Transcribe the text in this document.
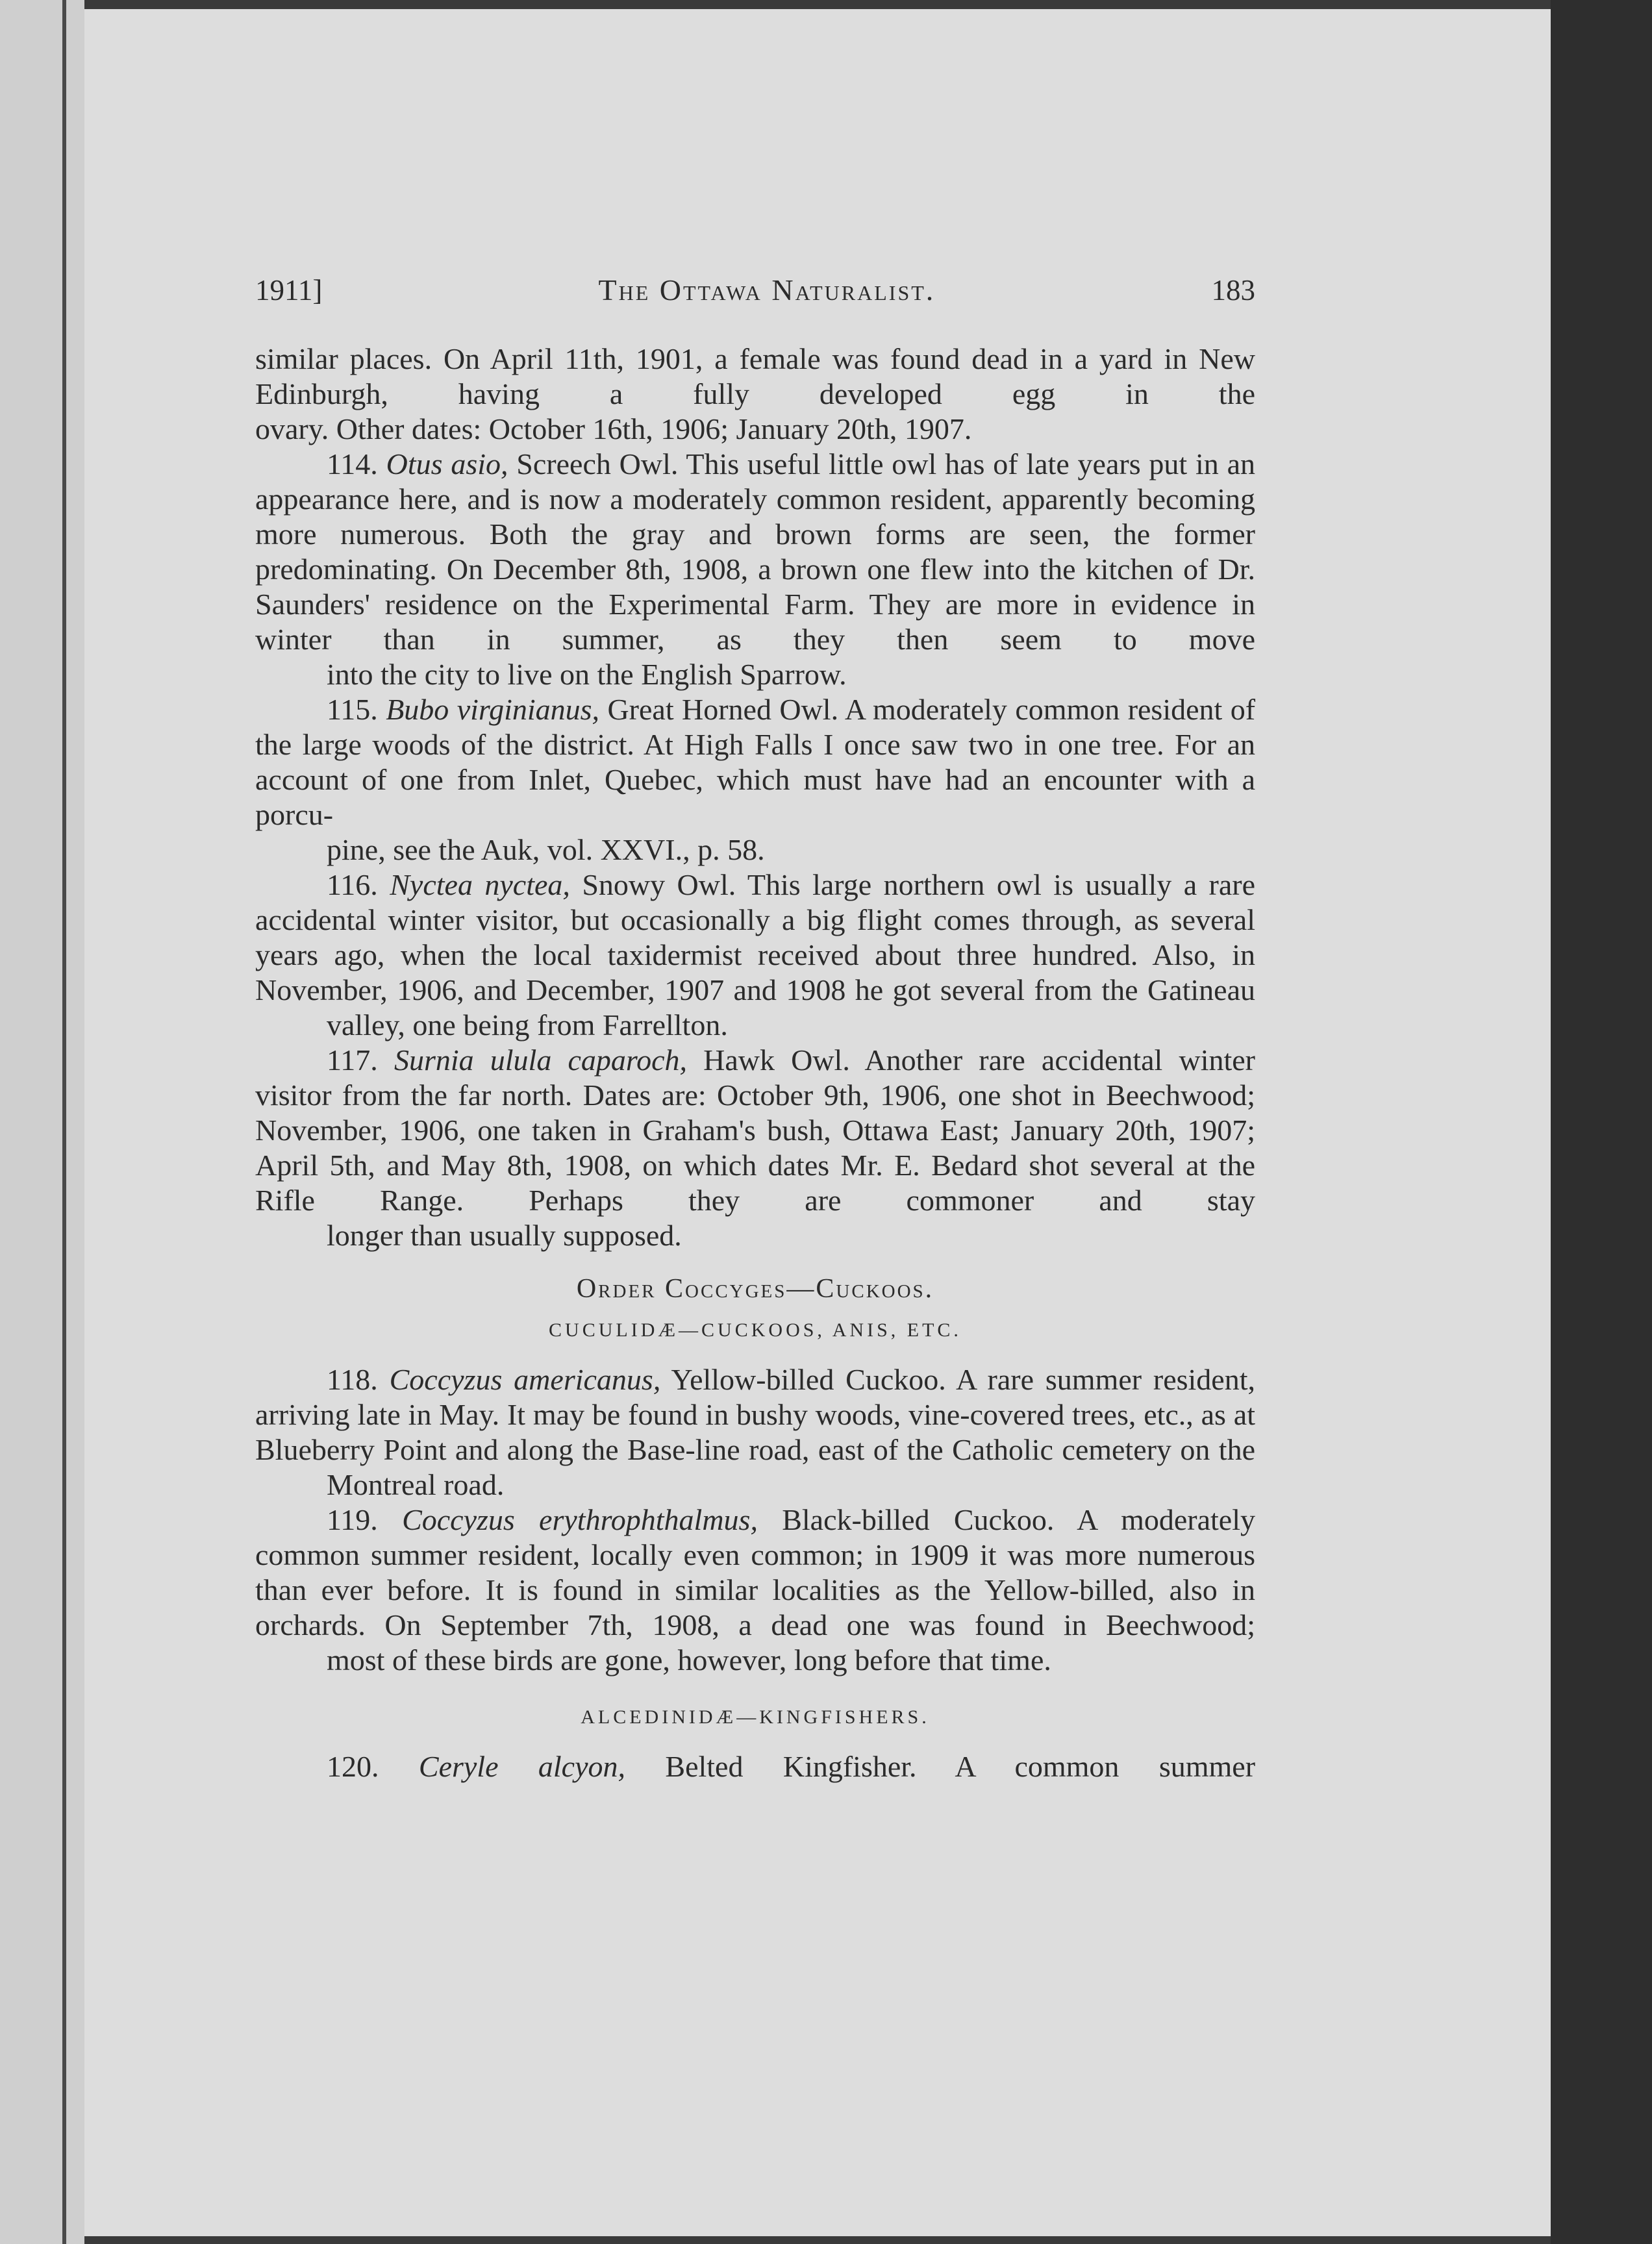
1911]	The Ottawa Naturalist.	183

similar places. On April 11th, 1901, a female was found dead in a yard in New Edinburgh, having a fully developed egg in the
ovary. Other dates: October 16th, 1906; January 20th, 1907.

114. Otus asio, Screech Owl. This useful little owl has of late years put in an appearance here, and is now a moderately common resident, apparently becoming more numerous. Both the gray and brown forms are seen, the former predominating. On December 8th, 1908, a brown one flew into the kitchen of Dr. Saunders' residence on the Experimental Farm. They are more in evidence in winter than in summer, as they then seem to move
into the city to live on the English Sparrow.

115. Bubo virginianus, Great Horned Owl. A moderately common resident of the large woods of the district. At High Falls I once saw two in one tree. For an account of one from Inlet, Quebec, which must have had an encounter with a porcu-
pine, see the Auk, vol. XXVI., p. 58.

116. Nyctea nyctea, Snowy Owl. This large northern owl is usually a rare accidental winter visitor, but occasionally a big flight comes through, as several years ago, when the local taxidermist received about three hundred. Also, in November, 1906, and December, 1907 and 1908 he got several from the Gatineau
valley, one being from Farrellton.

117. Surnia ulula caparoch, Hawk Owl. Another rare accidental winter visitor from the far north. Dates are: October 9th, 1906, one shot in Beechwood; November, 1906, one taken in Graham's bush, Ottawa East; January 20th, 1907; April 5th, and May 8th, 1908, on which dates Mr. E. Bedard shot several at the Rifle Range. Perhaps they are commoner and stay
longer than usually supposed.

Order Coccyges—Cuckoos.
CUCULIDÆ—CUCKOOS, ANIS, ETC.

118. Coccyzus americanus, Yellow-billed Cuckoo. A rare summer resident, arriving late in May. It may be found in bushy woods, vine-covered trees, etc., as at Blueberry Point and along the Base-line road, east of the Catholic cemetery on the
Montreal road.

119. Coccyzus erythrophthalmus, Black-billed Cuckoo. A moderately common summer resident, locally even common; in 1909 it was more numerous than ever before. It is found in similar localities as the Yellow-billed, also in orchards. On September 7th, 1908, a dead one was found in Beechwood;
most of these birds are gone, however, long before that time.

ALCEDINIDÆ—KINGFISHERS.

120. Ceryle alcyon, Belted Kingfisher. A common summer
